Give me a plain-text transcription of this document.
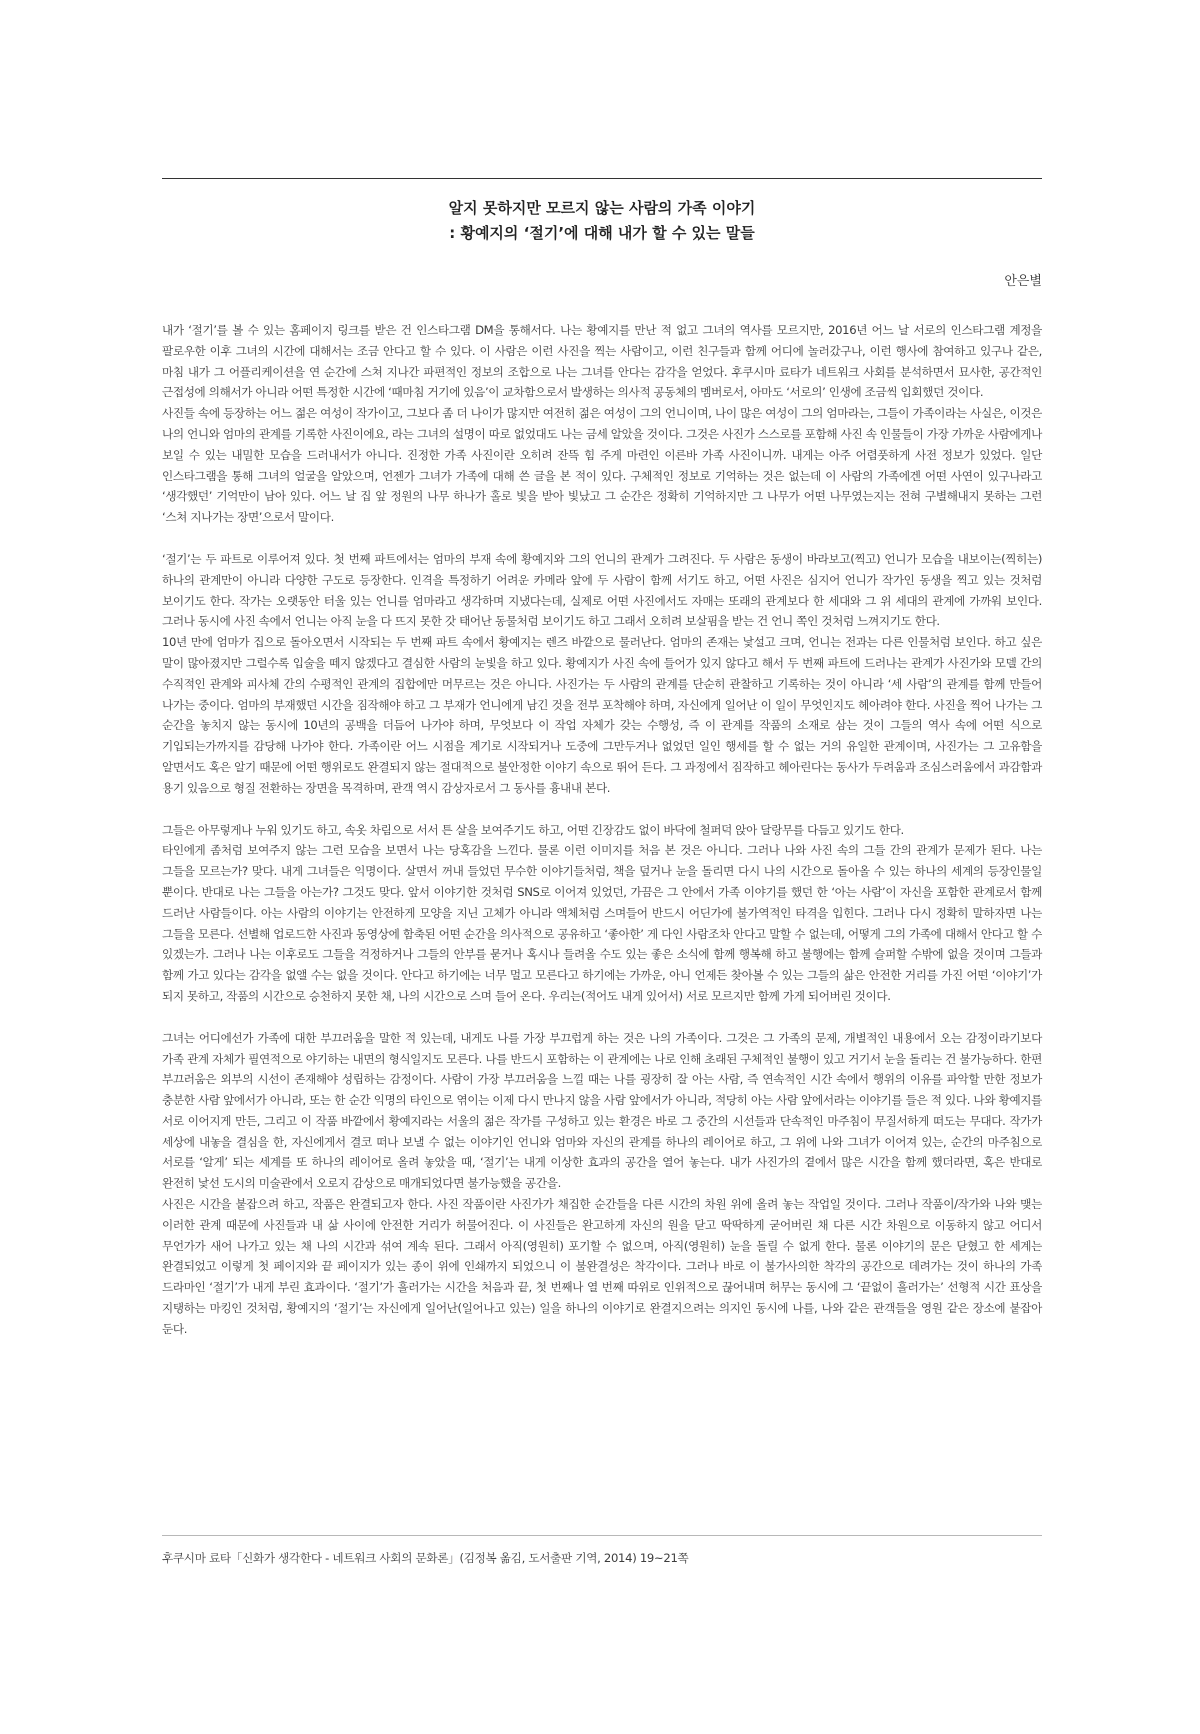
알지 못하지만 모르지 않는 사람의 가족 이야기
: 황예지의 ‘절기’에 대해 내가 할 수 있는 말들
안은별

내가 ‘절기’를 볼 수 있는 홈페이지 링크를 받은 건 인스타그램 DM을 통해서다. 나는 황예지를 만난 적 없고 그녀의 역사를 모르지만, 2016년 어느 날 서로의 인스타그램 계정을 팔로우한 이후 그녀의 시간에 대해서는 조금 안다고 할 수 있다. 이 사람은 이런 사진을 찍는 사람이고, 이런 친구들과 함께 어디에 놀러갔구나, 이런 행사에 참여하고 있구나 같은, 마침 내가 그 어플리케이션을 연 순간에 스쳐 지나간 파편적인 정보의 조합으로 나는 그녀를 안다는 감각을 얻었다. 후쿠시마 료타가 네트워크 사회를 분석하면서 묘사한, 공간적인 근접성에 의해서가 아니라 어떤 특정한 시간에 ‘때마침 거기에 있음’이 교차함으로서 발생하는 의사적 공동체의 멤버로서, 아마도 ‘서로의’ 인생에 조금씩 입회했던 것이다.

사진들 속에 등장하는 어느 젊은 여성이 작가이고, 그보다 좀 더 나이가 많지만 여전히 젊은 여성이 그의 언니이며, 나이 많은 여성이 그의 엄마라는, 그들이 가족이라는 사실은, 이것은 나의 언니와 엄마의 관계를 기록한 사진이에요, 라는 그녀의 설명이 따로 없었대도 나는 금세 알았을 것이다. 그것은 사진가 스스로를 포함해 사진 속 인물들이 가장 가까운 사람에게나 보일 수 있는 내밀한 모습을 드러내서가 아니다. 진정한 가족 사진이란 오히려 잔뜩 힘 주게 마련인 이른바 가족 사진이니까. 내게는 아주 어렴풋하게 사전 정보가 있었다. 일단 인스타그램을 통해 그녀의 얼굴을 알았으며, 언젠가 그녀가 가족에 대해 쓴 글을 본 적이 있다. 구체적인 정보로 기억하는 것은 없는데 이 사람의 가족에겐 어떤 사연이 있구나라고 ‘생각했던’ 기억만이 남아 있다. 어느 날 집 앞 정원의 나무 하나가 홀로 빛을 받아 빛났고 그 순간은 정확히 기억하지만 그 나무가 어떤 나무였는지는 전혀 구별해내지 못하는 그런 ‘스쳐 지나가는 장면’으로서 말이다.

‘절기’는 두 파트로 이루어져 있다. 첫 번째 파트에서는 엄마의 부재 속에 황예지와 그의 언니의 관계가 그려진다. 두 사람은 동생이 바라보고(찍고) 언니가 모습을 내보이는(찍히는) 하나의 관계만이 아니라 다양한 구도로 등장한다. 인격을 특정하기 어려운 카메라 앞에 두 사람이 함께 서기도 하고, 어떤 사진은 심지어 언니가 작가인 동생을 찍고 있는 것처럼 보이기도 한다. 작가는 오랫동안 터울 있는 언니를 엄마라고 생각하며 지냈다는데, 실제로 어떤 사진에서도 자매는 또래의 관계보다 한 세대와 그 위 세대의 관계에 가까워 보인다. 그러나 동시에 사진 속에서 언니는 아직 눈을 다 뜨지 못한 갓 태어난 동물처럼 보이기도 하고 그래서 오히려 보살핌을 받는 건 언니 쪽인 것처럼 느껴지기도 한다.

10년 만에 엄마가 집으로 돌아오면서 시작되는 두 번째 파트 속에서 황예지는 렌즈 바깥으로 물러난다. 엄마의 존재는 낯설고 크며, 언니는 전과는 다른 인물처럼 보인다. 하고 싶은 말이 많아졌지만 그럴수록 입술을 떼지 않겠다고 결심한 사람의 눈빛을 하고 있다. 황예지가 사진 속에 들어가 있지 않다고 해서 두 번째 파트에 드러나는 관계가 사진가와 모델 간의 수직적인 관계와 피사체 간의 수평적인 관계의 집합에만 머무르는 것은 아니다. 사진가는 두 사람의 관계를 단순히 관찰하고 기록하는 것이 아니라 ‘세 사람’의 관계를 함께 만들어 나가는 중이다. 엄마의 부재했던 시간을 짐작해야 하고 그 부재가 언니에게 남긴 것을 전부 포착해야 하며, 자신에게 일어난 이 일이 무엇인지도 헤아려야 한다. 사진을 찍어 나가는 그 순간을 놓치지 않는 동시에 10년의 공백을 더듬어 나가야 하며, 무엇보다 이 작업 자체가 갖는 수행성, 즉 이 관계를 작품의 소재로 삼는 것이 그들의 역사 속에 어떤 식으로 기입되는가까지를 감당해 나가야 한다. 가족이란 어느 시점을 계기로 시작되거나 도중에 그만두거나 없었던 일인 행세를 할 수 없는 거의 유일한 관계이며, 사진가는 그 고유함을 알면서도 혹은 알기 때문에 어떤 행위로도 완결되지 않는 절대적으로 불안정한 이야기 속으로 뛰어 든다. 그 과정에서 짐작하고 헤아린다는 동사가 두려움과 조심스러움에서 과감함과 용기 있음으로 형질 전환하는 장면을 목격하며, 관객 역시 감상자로서 그 동사를 흉내내 본다.

그들은 아무렇게나 누워 있기도 하고, 속옷 차림으로 서서 튼 살을 보여주기도 하고, 어떤 긴장감도 없이 바닥에 철퍼덕 앉아 달랑무를 다듬고 있기도 한다.

타인에게 좀처럼 보여주지 않는 그런 모습을 보면서 나는 당혹감을 느낀다. 물론 이런 이미지를 처음 본 것은 아니다. 그러나 나와 사진 속의 그들 간의 관계가 문제가 된다. 나는 그들을 모르는가? 맞다. 내게 그녀들은 익명이다. 살면서 꺼내 들었던 무수한 이야기들처럼, 책을 덮거나 눈을 돌리면 다시 나의 시간으로 돌아올 수 있는 하나의 세계의 등장인물일 뿐이다. 반대로 나는 그들을 아는가? 그것도 맞다. 앞서 이야기한 것처럼 SNS로 이어져 있었던, 가끔은 그 안에서 가족 이야기를 했던 한 ‘아는 사람’이 자신을 포함한 관계로서 함께 드러난 사람들이다. 아는 사람의 이야기는 안전하게 모양을 지닌 고체가 아니라 액체처럼 스며들어 반드시 어딘가에 불가역적인 타격을 입힌다. 그러나 다시 정확히 말하자면 나는 그들을 모른다. 선별해 업로드한 사진과 동영상에 함축된 어떤 순간을 의사적으로 공유하고 ‘좋아한’ 게 다인 사람조차 안다고 말할 수 없는데, 어떻게 그의 가족에 대해서 안다고 할 수 있겠는가. 그러나 나는 이후로도 그들을 걱정하거나 그들의 안부를 묻거나 혹시나 들려올 수도 있는 좋은 소식에 함께 행복해 하고 불행에는 함께 슬퍼할 수밖에 없을 것이며 그들과 함께 가고 있다는 감각을 없앨 수는 없을 것이다. 안다고 하기에는 너무 멀고 모른다고 하기에는 가까운, 아니 언제든 찾아볼 수 있는 그들의 삶은 안전한 거리를 가진 어떤 ‘이야기’가 되지 못하고, 작품의 시간으로 승천하지 못한 채, 나의 시간으로 스며 들어 온다. 우리는(적어도 내게 있어서) 서로 모르지만 함께 가게 되어버린 것이다.

그녀는 어디에선가 가족에 대한 부끄러움을 말한 적 있는데, 내게도 나를 가장 부끄럽게 하는 것은 나의 가족이다. 그것은 그 가족의 문제, 개별적인 내용에서 오는 감정이라기보다 가족 관계 자체가 필연적으로 야기하는 내면의 형식일지도 모른다. 나를 반드시 포함하는 이 관계에는 나로 인해 초래된 구체적인 불행이 있고 거기서 눈을 돌리는 건 불가능하다. 한편 부끄러움은 외부의 시선이 존재해야 성립하는 감정이다. 사람이 가장 부끄러움을 느낄 때는 나를 굉장히 잘 아는 사람, 즉 연속적인 시간 속에서 행위의 이유를 파악할 만한 정보가 충분한 사람 앞에서가 아니라, 또는 한 순간 익명의 타인으로 엮이는 이제 다시 만나지 않을 사람 앞에서가 아니라, 적당히 아는 사람 앞에서라는 이야기를 들은 적 있다. 나와 황예지를 서로 이어지게 만든, 그리고 이 작품 바깥에서 황예지라는 서울의 젊은 작가를 구성하고 있는 환경은 바로 그 중간의 시선들과 단속적인 마주침이 무질서하게 떠도는 무대다. 작가가 세상에 내놓을 결심을 한, 자신에게서 결코 떠나 보낼 수 없는 이야기인 언니와 엄마와 자신의 관계를 하나의 레이어로 하고, 그 위에 나와 그녀가 이어져 있는, 순간의 마주침으로 서로를 ‘알게’ 되는 세계를 또 하나의 레이어로 올려 놓았을 때, ‘절기’는 내게 이상한 효과의 공간을 열어 놓는다. 내가 사진가의 곁에서 많은 시간을 함께 했더라면, 혹은 반대로 완전히 낯선 도시의 미술관에서 오로지 감상으로 매개되었다면 불가능했을 공간을.

사진은 시간을 붙잡으려 하고, 작품은 완결되고자 한다. 사진 작품이란 사진가가 채집한 순간들을 다른 시간의 차원 위에 올려 놓는 작업일 것이다. 그러나 작품이/작가와 나와 맺는 이러한 관계 때문에 사진들과 내 삶 사이에 안전한 거리가 허물어진다. 이 사진들은 완고하게 자신의 원을 닫고 딱딱하게 굳어버린 채 다른 시간 차원으로 이동하지 않고 어디서 무언가가 새어 나가고 있는 채 나의 시간과 섞여 계속 된다. 그래서 아직(영원히) 포기할 수 없으며, 아직(영원히) 눈을 돌릴 수 없게 한다. 물론 이야기의 문은 닫혔고 한 세계는 완결되었고 이렇게 첫 페이지와 끝 페이지가 있는 종이 위에 인쇄까지 되었으니 이 불완결성은 착각이다. 그러나 바로 이 불가사의한 착각의 공간으로 데려가는 것이 하나의 가족 드라마인 ‘절기’가 내게 부린 효과이다. ‘절기’가 흘러가는 시간을 처음과 끝, 첫 번째나 열 번째 따위로 인위적으로 끊어내며 허무는 동시에 그 ‘끝없이 흘러가는’ 선형적 시간 표상을 지탱하는 마킹인 것처럼, 황예지의 ‘절기’는 자신에게 일어난(일어나고 있는) 일을 하나의 이야기로 완결지으려는 의지인 동시에 나를, 나와 같은 관객들을 영원 같은 장소에 붙잡아 둔다.

후쿠시마 료타「신화가 생각한다 - 네트워크 사회의 문화론」(김정복 옮김, 도서출판 기역, 2014) 19~21쪽
